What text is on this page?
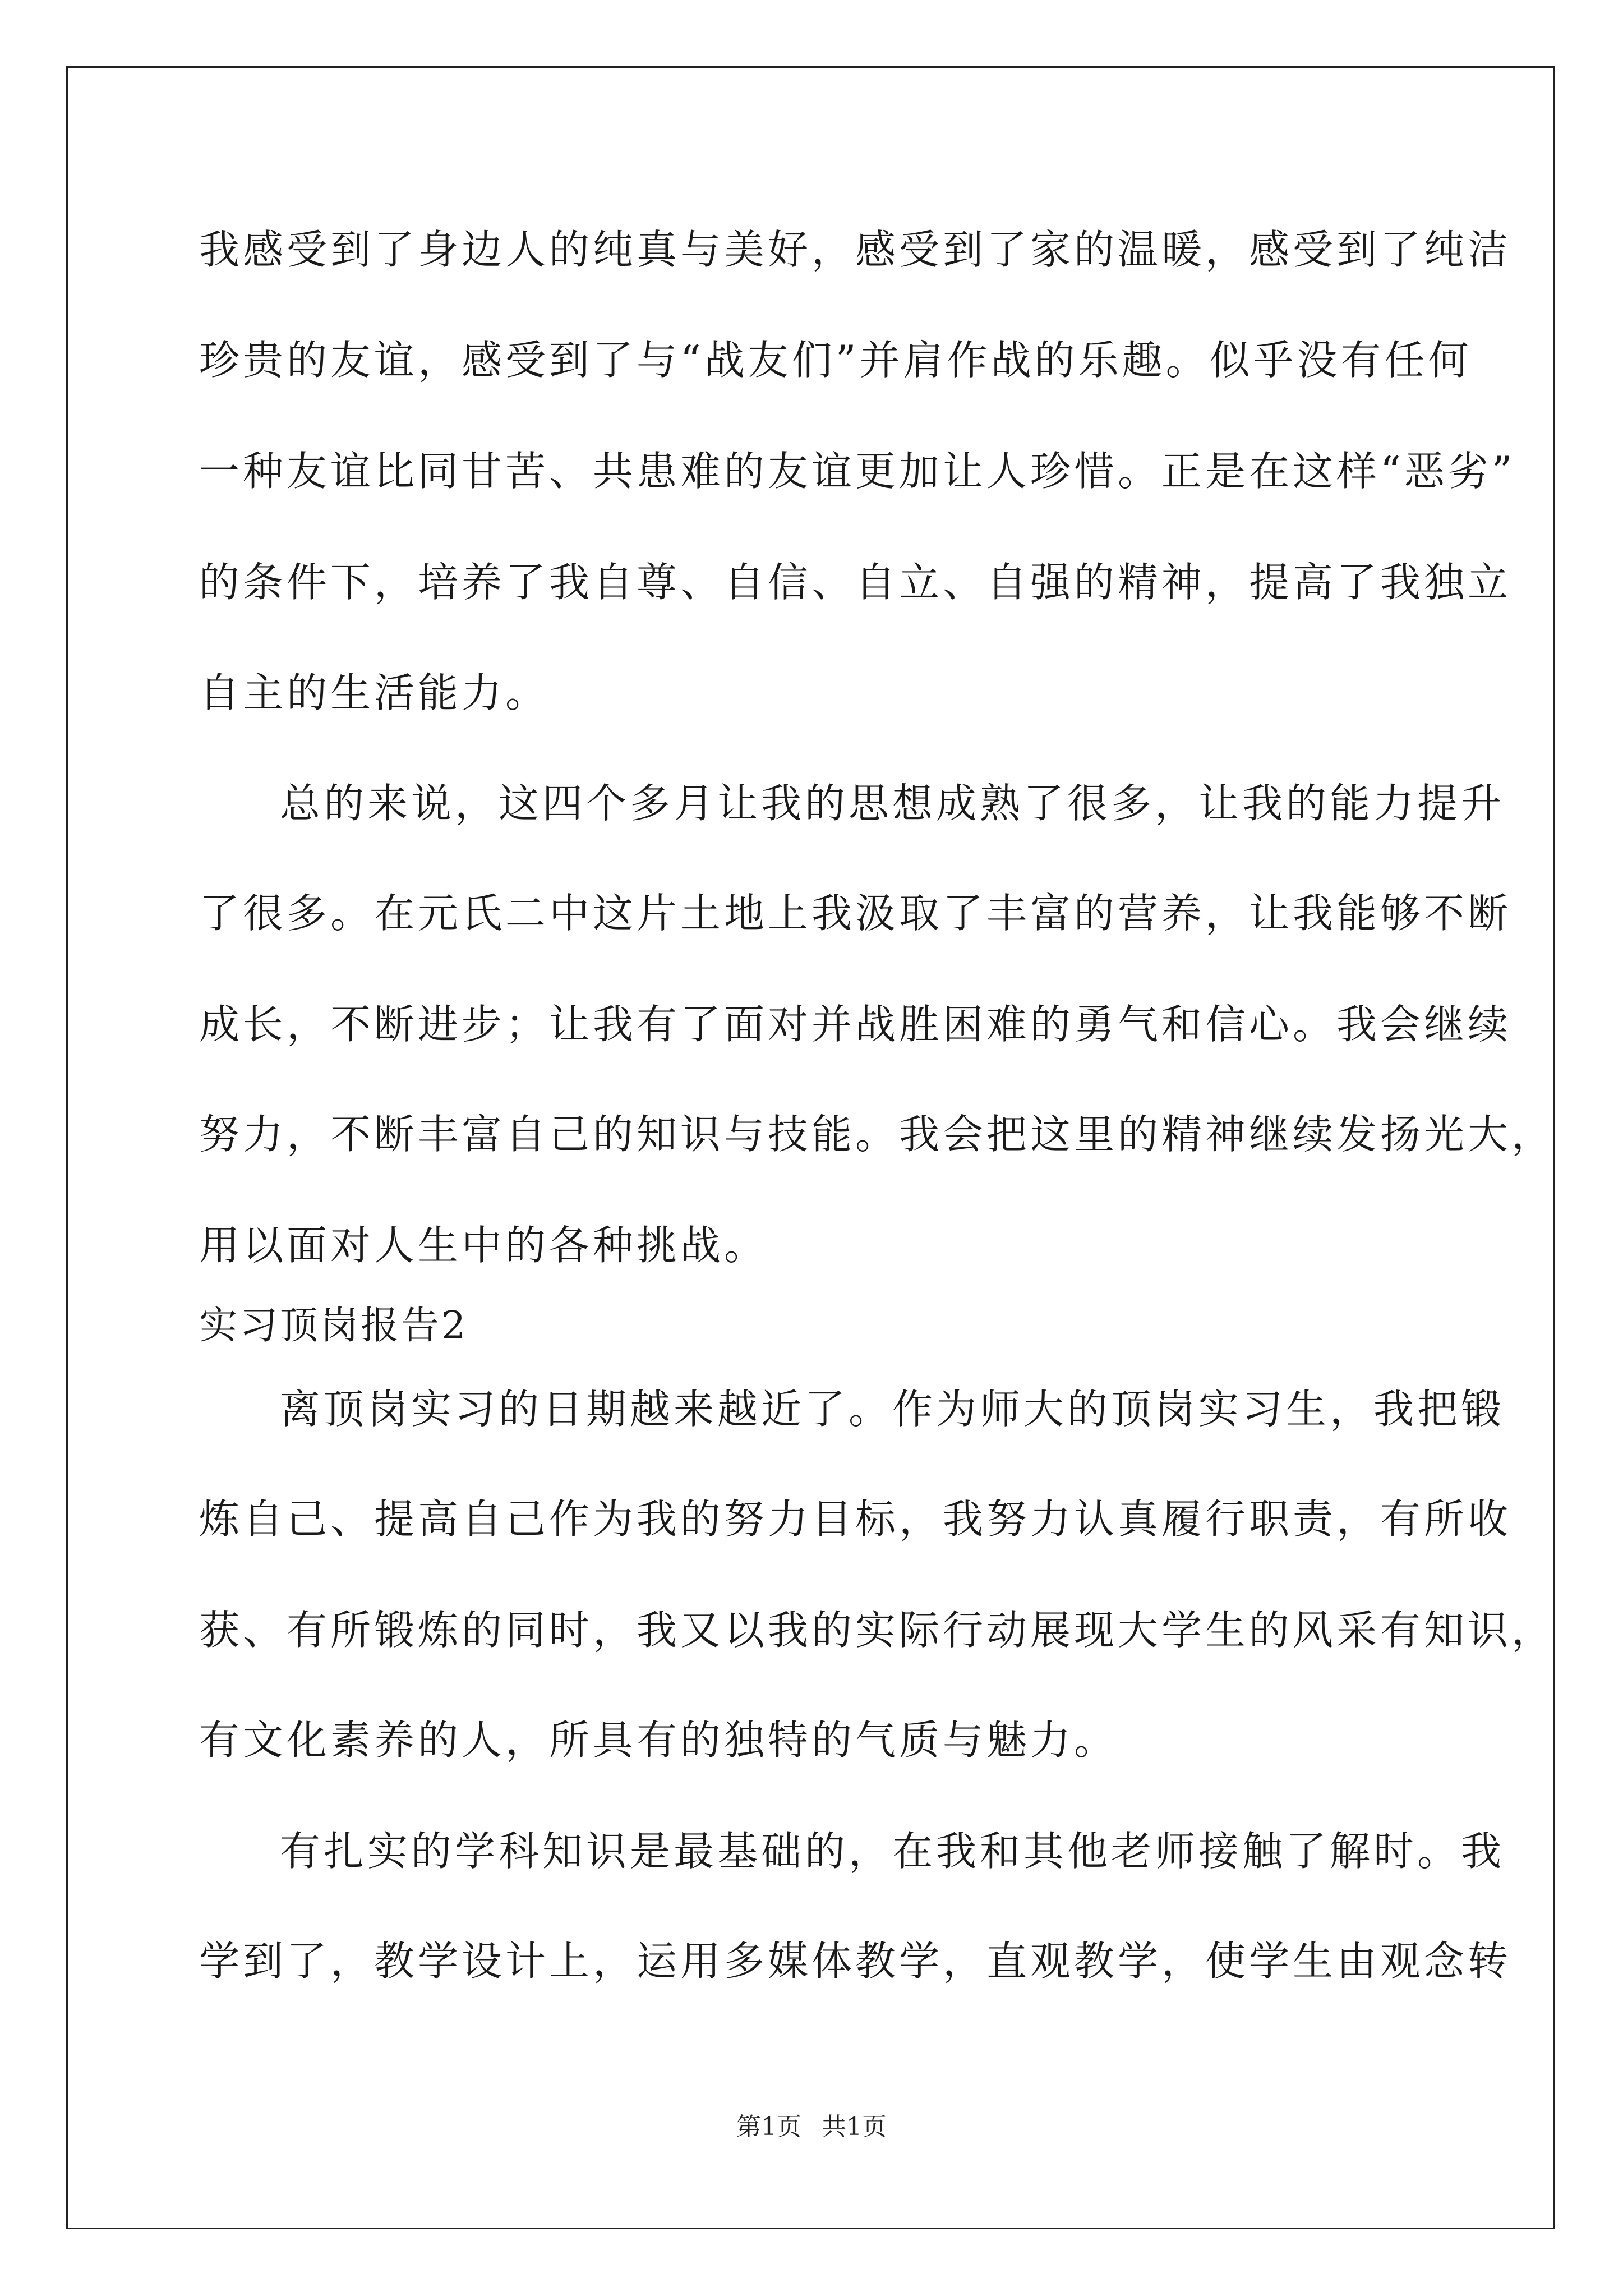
我感受到了身边人的纯真与美好，感受到了家的温暖，感受到了纯洁
珍贵的友谊，感受到了与“战友们”并肩作战的乐趣。似乎没有任何
一种友谊比同甘苦、共患难的友谊更加让人珍惜。正是在这样“恶劣”
的条件下，培养了我自尊、自信、自立、自强的精神，提高了我独立
自主的生活能力。
总的来说，这四个多月让我的思想成熟了很多，让我的能力提升
了很多。在元氏二中这片土地上我汲取了丰富的营养，让我能够不断
成长，不断进步；让我有了面对并战胜困难的勇气和信心。我会继续
努力，不断丰富自己的知识与技能。我会把这里的精神继续发扬光大，
用以面对人生中的各种挑战。
实习顶岗报告2
离顶岗实习的日期越来越近了。作为师大的顶岗实习生，我把锻
炼自己、提高自己作为我的努力目标，我努力认真履行职责，有所收
获、有所锻炼的同时，我又以我的实际行动展现大学生的风采有知识，
有文化素养的人，所具有的独特的气质与魅力。
有扎实的学科知识是最基础的，在我和其他老师接触了解时。我
学到了，教学设计上，运用多媒体教学，直观教学，使学生由观念转
第1页 共1页
